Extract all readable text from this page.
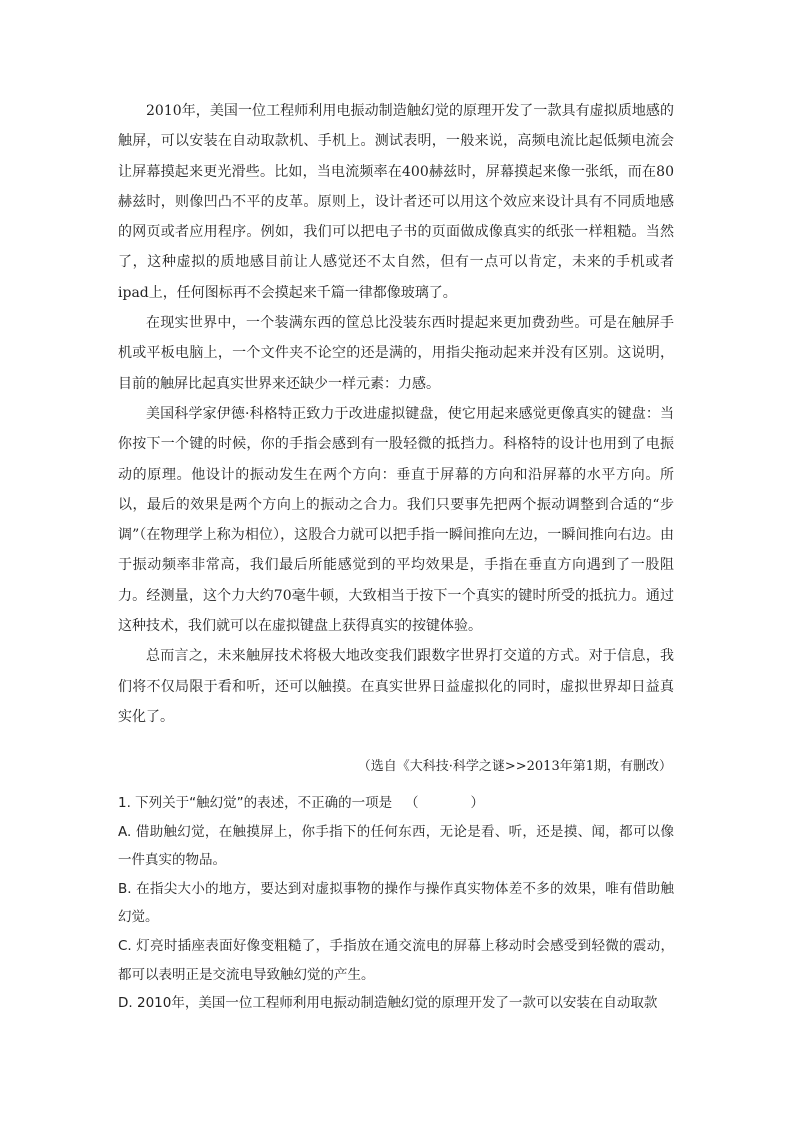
2010年，美国一位工程师利用电振动制造触幻觉的原理开发了一款具有虚拟质地感的触屏，可以安装在自动取款机、手机上。测试表明，一般来说，高频电流比起低频电流会让屏幕摸起来更光滑些。比如，当电流频率在400赫兹时，屏幕摸起来像一张纸，而在80赫兹时，则像凹凸不平的皮革。原则上，设计者还可以用这个效应来设计具有不同质地感的网页或者应用程序。例如，我们可以把电子书的页面做成像真实的纸张一样粗糙。当然了，这种虚拟的质地感目前让人感觉还不太自然，但有一点可以肯定，未来的手机或者ipad上，任何图标再不会摸起来千篇一律都像玻璃了。

在现实世界中，一个装满东西的筐总比没装东西时提起来更加费劲些。可是在触屏手机或平板电脑上，一个文件夹不论空的还是满的，用指尖拖动起来并没有区别。这说明，目前的触屏比起真实世界来还缺少一样元素：力感。

美国科学家伊德·科格特正致力于改进虚拟键盘，使它用起来感觉更像真实的键盘：当你按下一个键的时候，你的手指会感到有一股轻微的抵挡力。科格特的设计也用到了电振动的原理。他设计的振动发生在两个方向：垂直于屏幕的方向和沿屏幕的水平方向。所以，最后的效果是两个方向上的振动之合力。我们只要事先把两个振动调整到合适的“步调”（在物理学上称为相位），这股合力就可以把手指一瞬间推向左边，一瞬间推向右边。由于振动频率非常高，我们最后所能感觉到的平均效果是，手指在垂直方向遇到了一股阻力。经测量，这个力大约70毫牛顿，大致相当于按下一个真实的键时所受的抵抗力。通过这种技术，我们就可以在虚拟键盘上获得真实的按键体验。

总而言之，未来触屏技术将极大地改变我们跟数字世界打交道的方式。对于信息，我们将不仅局限于看和听，还可以触摸。在真实世界日益虚拟化的同时，虚拟世界却日益真实化了。

（选自《大科技·科学之谜>>2013年第1期，有删改）

1. 下列关于“触幻觉”的表述，不正确的一项是 （	）

A. 借助触幻觉，在触摸屏上，你手指下的任何东西，无论是看、听，还是摸、闻，都可以像一件真实的物品。

B. 在指尖大小的地方，要达到对虚拟事物的操作与操作真实物体差不多的效果，唯有借助触幻觉。

C. 灯亮时插座表面好像变粗糙了，手指放在通交流电的屏幕上移动时会感受到轻微的震动，都可以表明正是交流电导致触幻觉的产生。

D. 2010年，美国一位工程师利用电振动制造触幻觉的原理开发了一款可以安装在自动取款
